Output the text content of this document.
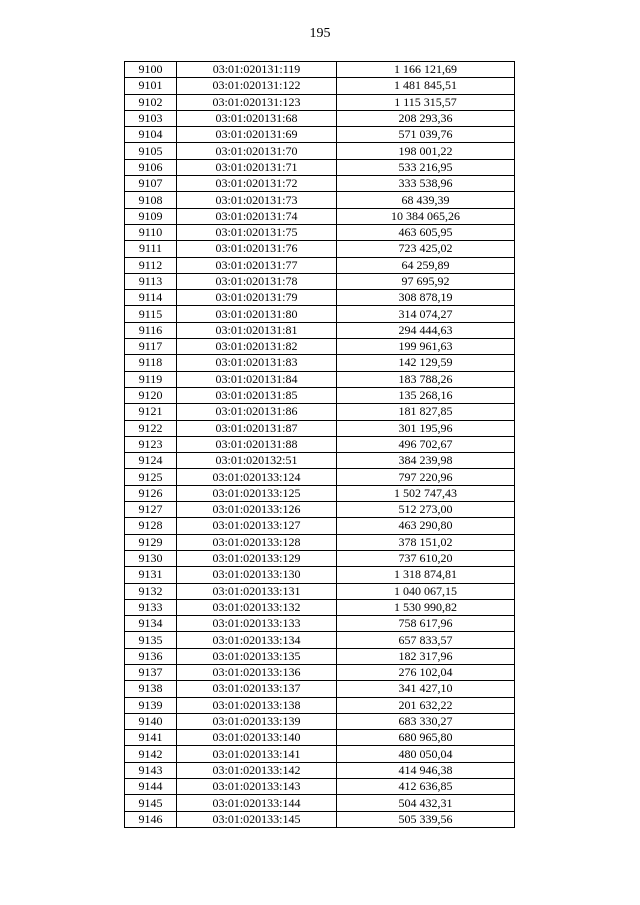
195
9100	03:01:020131:119	1 166 121,69
9101	03:01:020131:122	1 481 845,51
9102	03:01:020131:123	1 115 315,57
9103	03:01:020131:68	208 293,36
9104	03:01:020131:69	571 039,76
9105	03:01:020131:70	198 001,22
9106	03:01:020131:71	533 216,95
9107	03:01:020131:72	333 538,96
9108	03:01:020131:73	68 439,39
9109	03:01:020131:74	10 384 065,26
9110	03:01:020131:75	463 605,95
9111	03:01:020131:76	723 425,02
9112	03:01:020131:77	64 259,89
9113	03:01:020131:78	97 695,92
9114	03:01:020131:79	308 878,19
9115	03:01:020131:80	314 074,27
9116	03:01:020131:81	294 444,63
9117	03:01:020131:82	199 961,63
9118	03:01:020131:83	142 129,59
9119	03:01:020131:84	183 788,26
9120	03:01:020131:85	135 268,16
9121	03:01:020131:86	181 827,85
9122	03:01:020131:87	301 195,96
9123	03:01:020131:88	496 702,67
9124	03:01:020132:51	384 239,98
9125	03:01:020133:124	797 220,96
9126	03:01:020133:125	1 502 747,43
9127	03:01:020133:126	512 273,00
9128	03:01:020133:127	463 290,80
9129	03:01:020133:128	378 151,02
9130	03:01:020133:129	737 610,20
9131	03:01:020133:130	1 318 874,81
9132	03:01:020133:131	1 040 067,15
9133	03:01:020133:132	1 530 990,82
9134	03:01:020133:133	758 617,96
9135	03:01:020133:134	657 833,57
9136	03:01:020133:135	182 317,96
9137	03:01:020133:136	276 102,04
9138	03:01:020133:137	341 427,10
9139	03:01:020133:138	201 632,22
9140	03:01:020133:139	683 330,27
9141	03:01:020133:140	680 965,80
9142	03:01:020133:141	480 050,04
9143	03:01:020133:142	414 946,38
9144	03:01:020133:143	412 636,85
9145	03:01:020133:144	504 432,31
9146	03:01:020133:145	505 339,56
